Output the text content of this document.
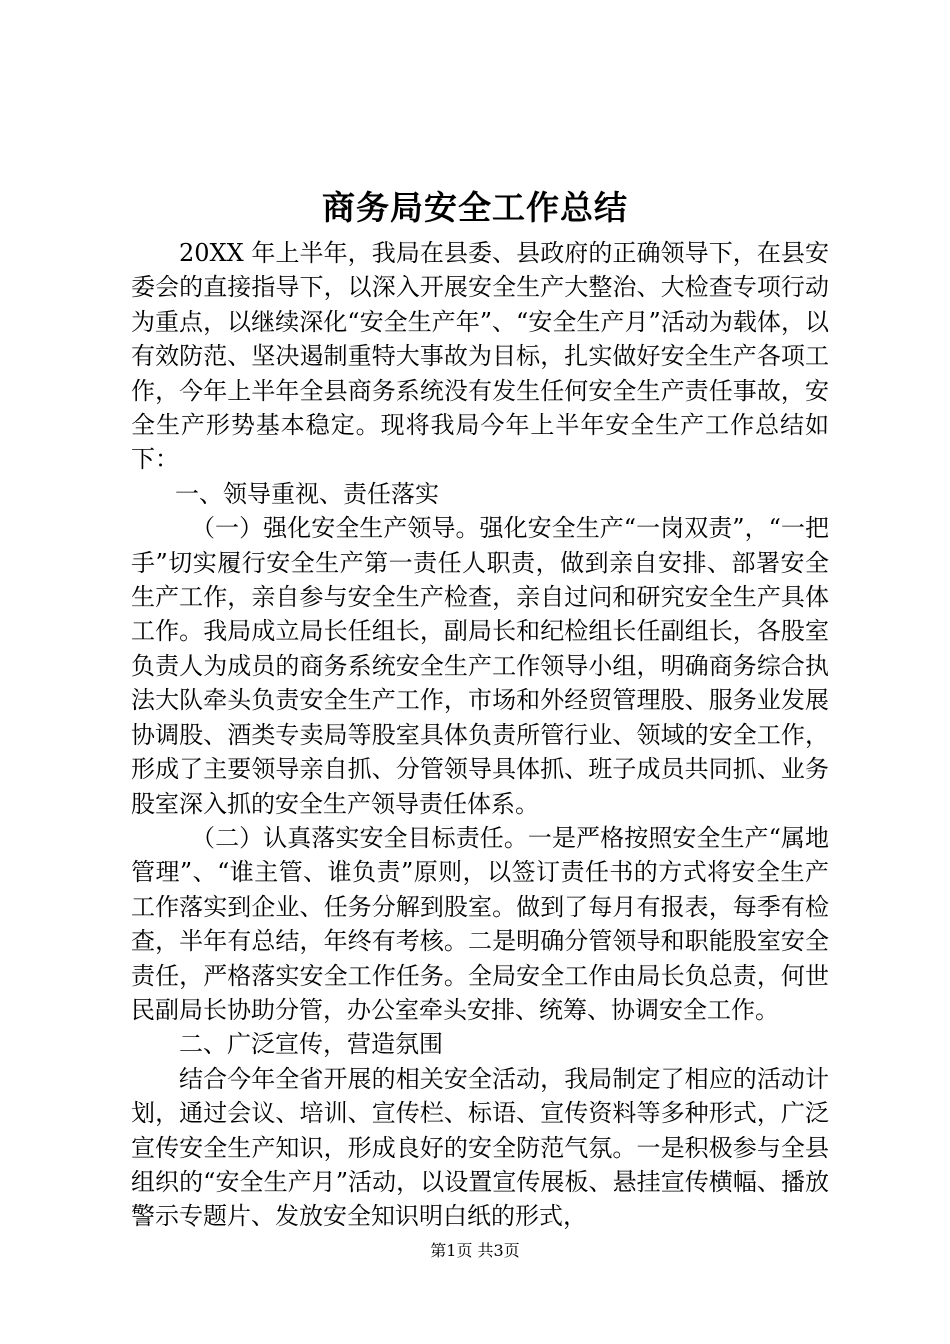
商务局安全工作总结

20XX 年上半年，我局在县委、县政府的正确领导下，在县安委会的直接指导下，以深入开展安全生产大整治、大检查专项行动为重点，以继续深化“安全生产年”、“安全生产月”活动为载体，以有效防范、坚决遏制重特大事故为目标，扎实做好安全生产各项工作，今年上半年全县商务系统没有发生任何安全生产责任事故，安全生产形势基本稳定。现将我局今年上半年安全生产工作总结如下：

一、领导重视、责任落实

（一）强化安全生产领导。强化安全生产“一岗双责”，“一把手”切实履行安全生产第一责任人职责，做到亲自安排、部署安全生产工作，亲自参与安全生产检查，亲自过问和研究安全生产具体工作。我局成立局长任组长，副局长和纪检组长任副组长，各股室负责人为成员的商务系统安全生产工作领导小组，明确商务综合执法大队牵头负责安全生产工作，市场和外经贸管理股、服务业发展协调股、酒类专卖局等股室具体负责所管行业、领域的安全工作，形成了主要领导亲自抓、分管领导具体抓、班子成员共同抓、业务股室深入抓的安全生产领导责任体系。

（二）认真落实安全目标责任。一是严格按照安全生产“属地管理”、“谁主管、谁负责”原则，以签订责任书的方式将安全生产工作落实到企业、任务分解到股室。做到了每月有报表，每季有检查，半年有总结，年终有考核。二是明确分管领导和职能股室安全责任，严格落实安全工作任务。全局安全工作由局长负总责，何世民副局长协助分管，办公室牵头安排、统筹、协调安全工作。

二、广泛宣传，营造氛围

结合今年全省开展的相关安全活动，我局制定了相应的活动计划，通过会议、培训、宣传栏、标语、宣传资料等多种形式，广泛宣传安全生产知识，形成良好的安全防范气氛。一是积极参与全县组织的“安全生产月”活动，以设置宣传展板、悬挂宣传横幅、播放警示专题片、发放安全知识明白纸的形式，

第1页 共3页
